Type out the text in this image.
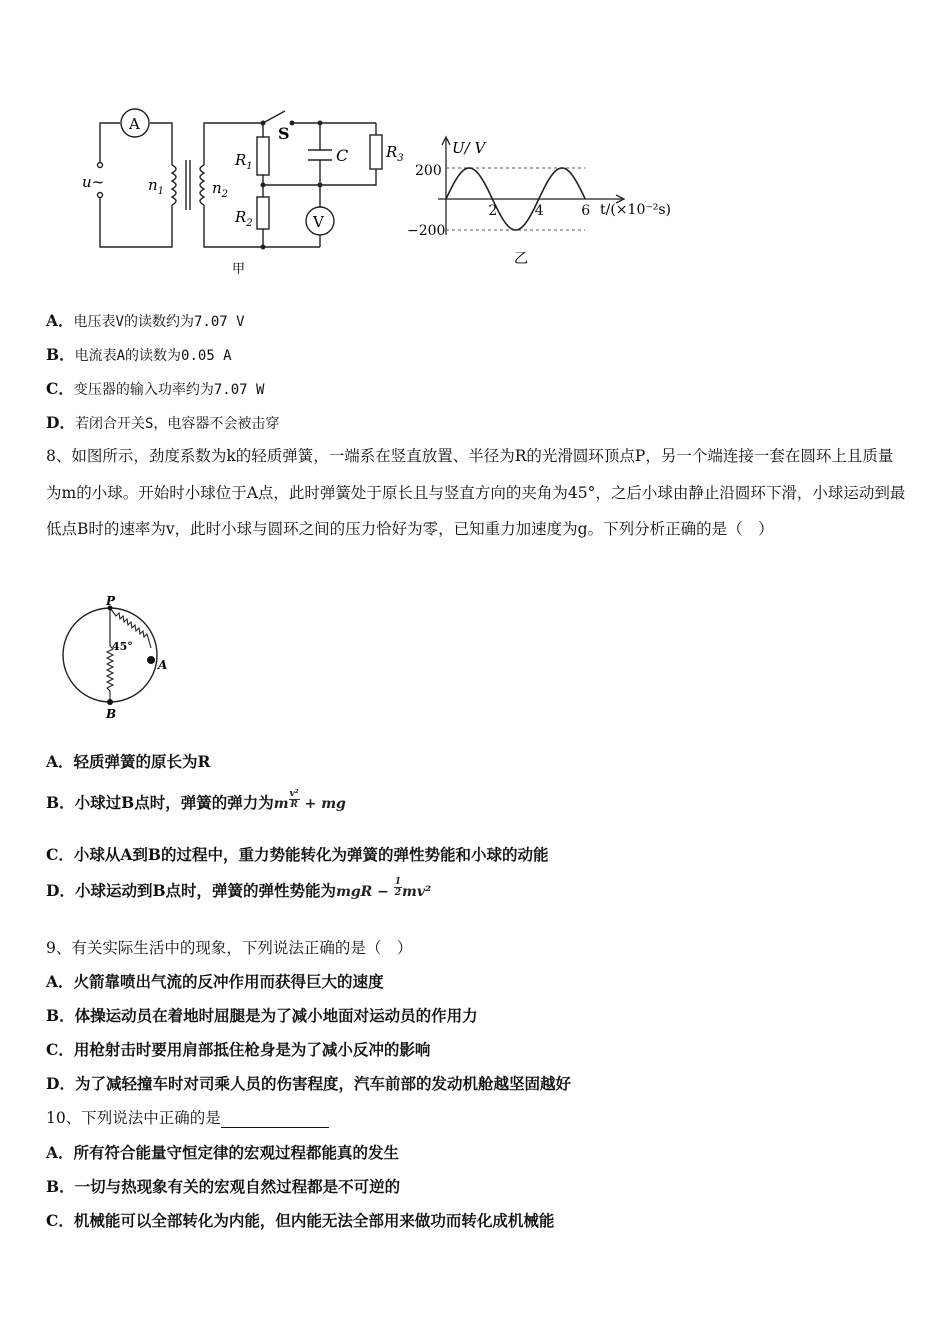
A
V
u~	$n_1$	$n_2$
S
C
$R_1$
$R_2$
$R_3$
甲
2	4	6
U/ V
200
−200
t/(×10⁻²s)
乙
A．电压表V的读数约为7.07 V
B．电流表A的读数为0.05 A
C．变压器的输入功率约为7.07 W
D．若闭合开关S，电容器不会被击穿
8、如图所示，劲度系数为k的轻质弹簧，一端系在竖直放置、半径为R的光滑圆环顶点P，另一个端连接一套在圆环上且质量为m的小球。开始时小球位于A点，此时弹簧处于原长且与竖直方向的夹角为45°，之后小球由静止沿圆环下滑，小球运动到最低点B时的速率为v，此时小球与圆环之间的压力恰好为零，已知重力加速度为g。下列分析正确的是（　）
P
A
B
45°
A．轻质弹簧的原长为R
B．小球过B点时，弹簧的弹力为m $\frac{\text{v²}}{R}$ + mg
C．小球从A到B的过程中，重力势能转化为弹簧的弹性势能和小球的动能
D．小球运动到B点时，弹簧的弹性势能为mgR − $\frac{1}{2} mv^2$
9、有关实际生活中的现象，下列说法正确的是（　）
A．火箭靠喷出气流的反冲作用而获得巨大的速度
B．体操运动员在着地时屈腿是为了减小地面对运动员的作用力
C．用枪射击时要用肩部抵住枪身是为了减小反冲的影响
D．为了减轻撞车时对司乘人员的伤害程度，汽车前部的发动机舱越坚固越好
10、下列说法中正确的是
A．所有符合能量守恒定律的宏观过程都能真的发生
B．一切与热现象有关的宏观自然过程都是不可逆的
C．机械能可以全部转化为内能，但内能无法全部用来做功而转化成机械能
